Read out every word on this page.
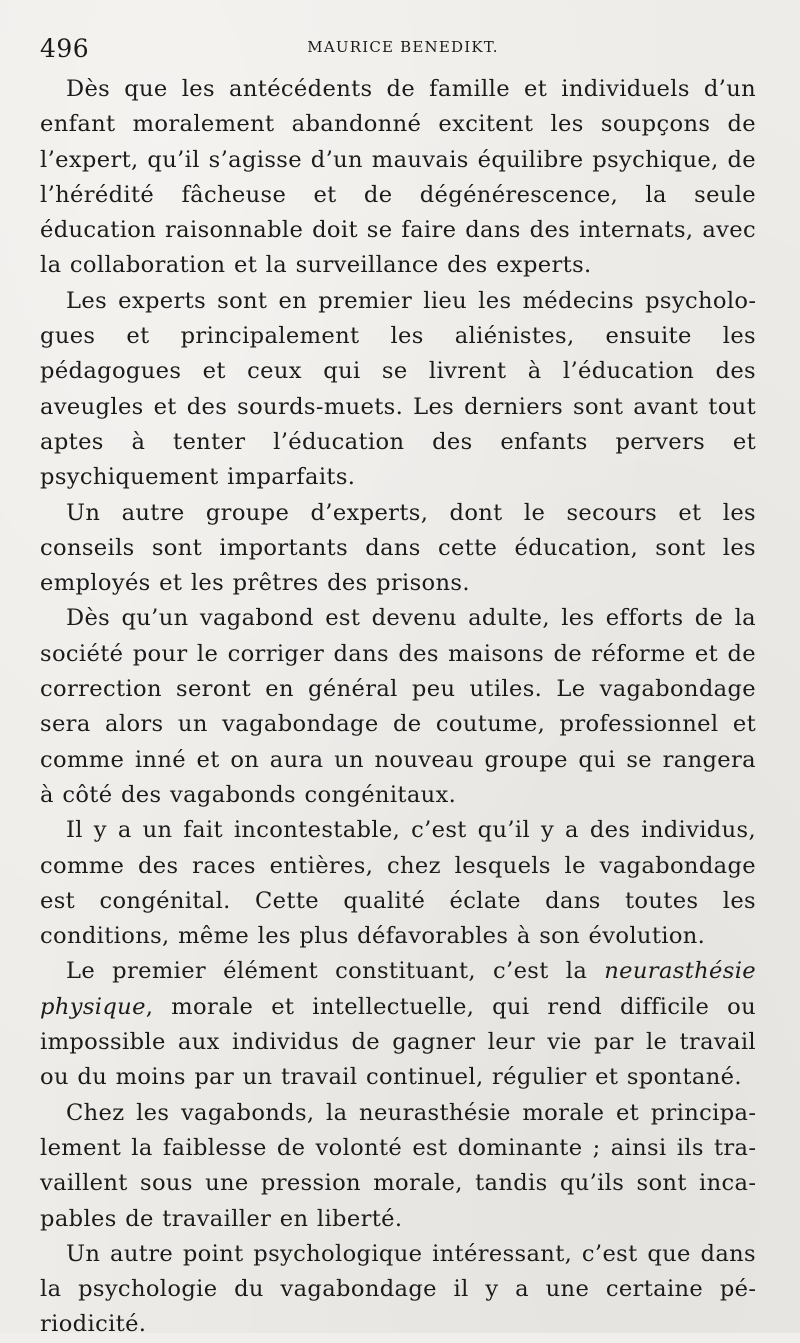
496	MAURICE BENEDIKT.

Dès que les antécédents de famille et individuels d’un enfant moralement abandonné excitent les soupçons de l’expert, qu’il s’agisse d’un mauvais équilibre psychique, de l’hérédité fâcheuse et de dégénérescence, la seule éducation raisonnable doit se faire dans des internats, avec la collaboration et la surveillance des experts.

Les experts sont en premier lieu les médecins psychologues et principalement les aliénistes, ensuite les pédagogues et ceux qui se livrent à l’éducation des aveugles et des sourds-muets. Les derniers sont avant tout aptes à tenter l’éducation des enfants pervers et psychiquement imparfaits.

Un autre groupe d’experts, dont le secours et les conseils sont importants dans cette éducation, sont les employés et les prêtres des prisons.

Dès qu’un vagabond est devenu adulte, les efforts de la société pour le corriger dans des maisons de réforme et de correction seront en général peu utiles. Le vagabondage sera alors un vagabondage de coutume, professionnel et comme inné et on aura un nouveau groupe qui se rangera à côté des vagabonds congénitaux.

Il y a un fait incontestable, c’est qu’il y a des individus, comme des races entières, chez lesquels le vagabondage est congénital. Cette qualité éclate dans toutes les conditions, même les plus défavorables à son évolution.

Le premier élément constituant, c’est la neurasthésie physique, morale et intellectuelle, qui rend difficile ou impossible aux individus de gagner leur vie par le travail ou du moins par un travail continuel, régulier et spontané.

Chez les vagabonds, la neurasthésie morale et principalement la faiblesse de volonté est dominante ; ainsi ils travaillent sous une pression morale, tandis qu’ils sont incapables de travailler en liberté.

Un autre point psychologique intéressant, c’est que dans la psychologie du vagabondage il y a une certaine périodicité.
